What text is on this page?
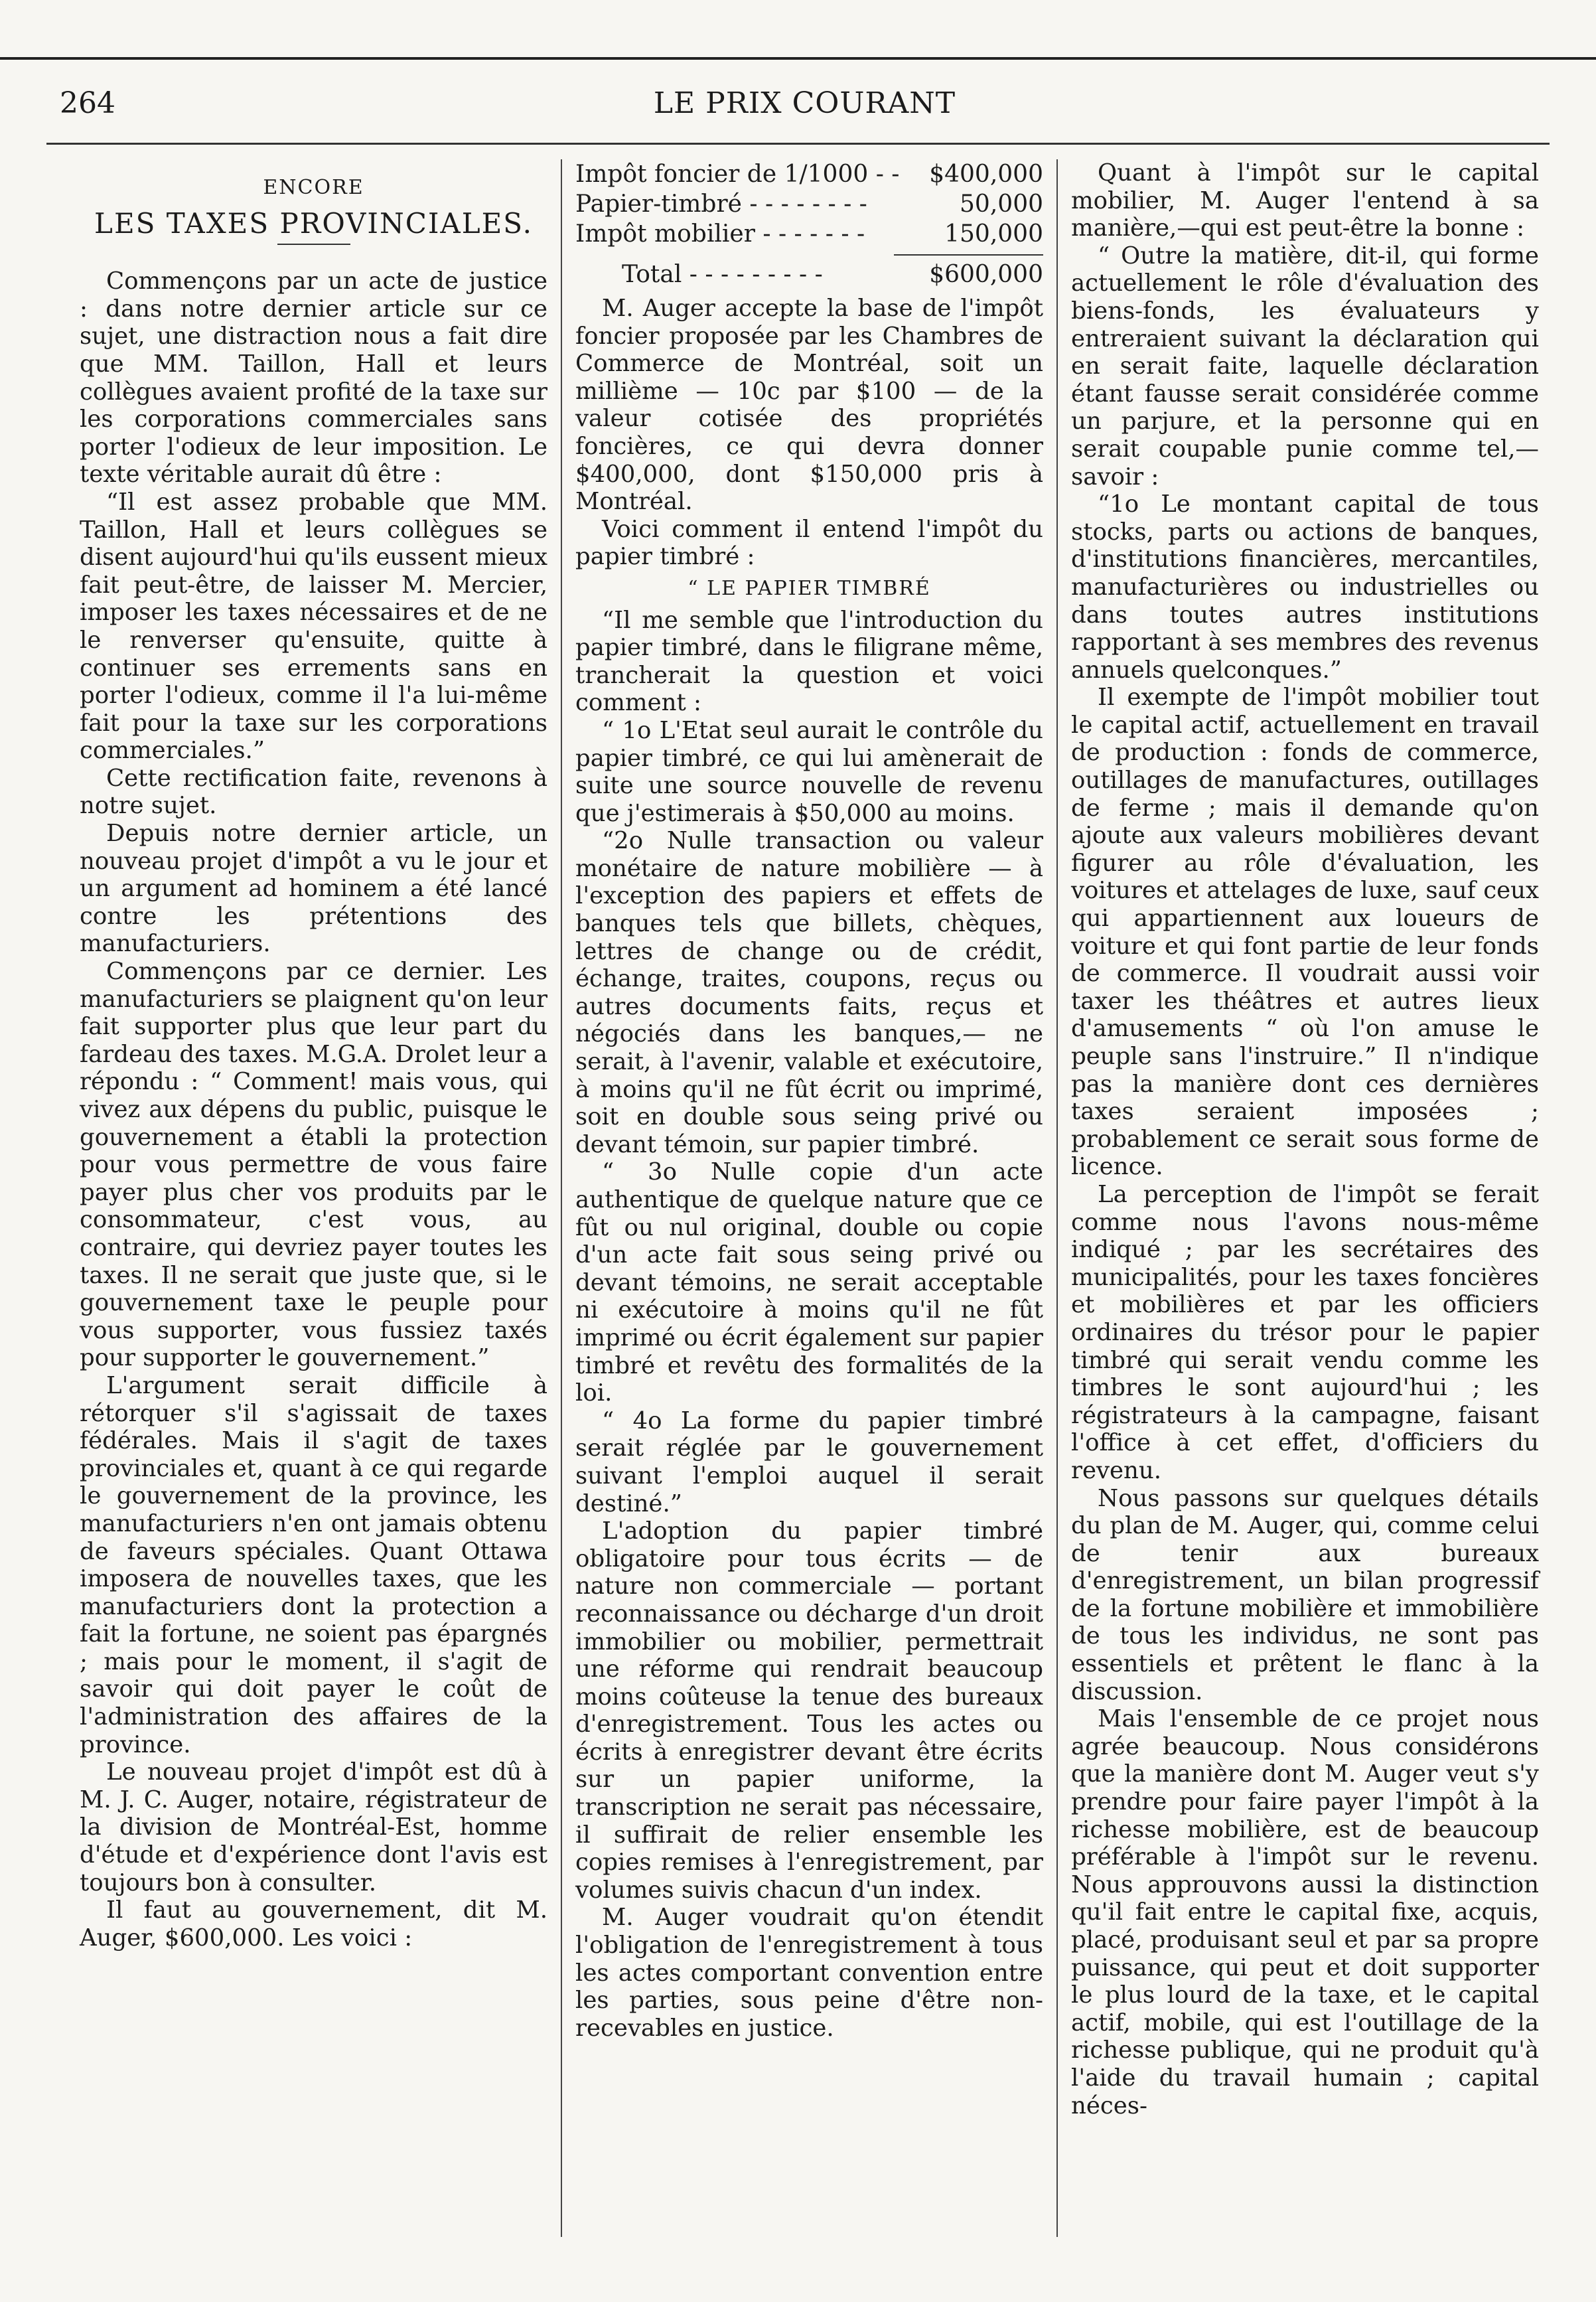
264	LE PRIX COURANT
ENCORE
LES TAXES PROVINCIALES.

Commençons par un acte de justice : dans notre dernier article sur ce sujet, une distraction nous a fait dire que MM. Taillon, Hall et leurs collègues avaient profité de la taxe sur les corporations commerciales sans porter l'odieux de leur imposition. Le texte véritable aurait dû être :

“Il est assez probable que MM. Taillon, Hall et leurs collègues se disent aujourd'hui qu'ils eussent mieux fait peut-être, de laisser M. Mercier, imposer les taxes nécessaires et de ne le renverser qu'ensuite, quitte à continuer ses errements sans en porter l'odieux, comme il l'a lui-même fait pour la taxe sur les corporations commerciales.”

Cette rectification faite, revenons à notre sujet.

Depuis notre dernier article, un nouveau projet d'impôt a vu le jour et un argument ad hominem a été lancé contre les prétentions des manufacturiers.

Commençons par ce dernier. Les manufacturiers se plaignent qu'on leur fait supporter plus que leur part du fardeau des taxes. M.G.A. Drolet leur a répondu : “ Comment! mais vous, qui vivez aux dépens du public, puisque le gouvernement a établi la protection pour vous permettre de vous faire payer plus cher vos produits par le consommateur, c'est vous, au contraire, qui devriez payer toutes les taxes. Il ne serait que juste que, si le gouvernement taxe le peuple pour vous supporter, vous fussiez taxés pour supporter le gouvernement.”

L'argument serait difficile à rétorquer s'il s'agissait de taxes fédérales. Mais il s'agit de taxes provinciales et, quant à ce qui regarde le gouvernement de la province, les manufacturiers n'en ont jamais obtenu de faveurs spéciales. Quant Ottawa imposera de nouvelles taxes, que les manufacturiers dont la protection a fait la fortune, ne soient pas épargnés ; mais pour le moment, il s'agit de savoir qui doit payer le coût de l'administration des affaires de la province.

Le nouveau projet d'impôt est dû à M. J. C. Auger, notaire, régistrateur de la division de Montréal-Est, homme d'étude et d'expérience dont l'avis est toujours bon à consulter.

Il faut au gouvernement, dit M. Auger, $600,000. Les voici :

Impôt foncier de 1/1000 - - $400,000
Papier-timbré - - - - - - - -	50,000
Impôt mobilier - - - - - - -	150,000
Total - - - - - - - - -	$600,000

M. Auger accepte la base de l'impôt foncier proposée par les Chambres de Commerce de Montréal, soit un millième — 10c par $100 — de la valeur cotisée des propriétés foncières, ce qui devra donner $400,000, dont $150,000 pris à Montréal.

Voici comment il entend l'impôt du papier timbré :

“ LE PAPIER TIMBRÉ

“Il me semble que l'introduction du papier timbré, dans le filigrane même, trancherait la question et voici comment :

“ 1o L'Etat seul aurait le contrôle du papier timbré, ce qui lui amènerait de suite une source nouvelle de revenu que j'estimerais à $50,000 au moins.

“2o Nulle transaction ou valeur monétaire de nature mobilière — à l'exception des papiers et effets de banques tels que billets, chèques, lettres de change ou de crédit, échange, traites, coupons, reçus ou autres documents faits, reçus et négociés dans les banques,— ne serait, à l'avenir, valable et exécutoire, à moins qu'il ne fût écrit ou imprimé, soit en double sous seing privé ou devant témoin, sur papier timbré.

“ 3o Nulle copie d'un acte authentique de quelque nature que ce fût ou nul original, double ou copie d'un acte fait sous seing privé ou devant témoins, ne serait acceptable ni exécutoire à moins qu'il ne fût imprimé ou écrit également sur papier timbré et revêtu des formalités de la loi.

“ 4o La forme du papier timbré serait réglée par le gouvernement suivant l'emploi auquel il serait destiné.”

L'adoption du papier timbré obligatoire pour tous écrits — de nature non commerciale — portant reconnaissance ou décharge d'un droit immobilier ou mobilier, permettrait une réforme qui rendrait beaucoup moins coûteuse la tenue des bureaux d'enregistrement. Tous les actes ou écrits à enregistrer devant être écrits sur un papier uniforme, la transcription ne serait pas nécessaire, il suffirait de relier ensemble les copies remises à l'enregistrement, par volumes suivis chacun d'un index.

M. Auger voudrait qu'on étendit l'obligation de l'enregistrement à tous les actes comportant convention entre les parties, sous peine d'être non-recevables en justice.

Quant à l'impôt sur le capital mobilier, M. Auger l'entend à sa manière,—qui est peut-être la bonne :

“ Outre la matière, dit-il, qui forme actuellement le rôle d'évaluation des biens-fonds, les évaluateurs y entreraient suivant la déclaration qui en serait faite, laquelle déclaration étant fausse serait considérée comme un parjure, et la personne qui en serait coupable punie comme tel,—savoir :

“1o Le montant capital de tous stocks, parts ou actions de banques, d'institutions financières, mercantiles, manufacturières ou industrielles ou dans toutes autres institutions rapportant à ses membres des revenus annuels quelconques.”

Il exempte de l'impôt mobilier tout le capital actif, actuellement en travail de production : fonds de commerce, outillages de manufactures, outillages de ferme ; mais il demande qu'on ajoute aux valeurs mobilières devant figurer au rôle d'évaluation, les voitures et attelages de luxe, sauf ceux qui appartiennent aux loueurs de voiture et qui font partie de leur fonds de commerce. Il voudrait aussi voir taxer les théâtres et autres lieux d'amusements “ où l'on amuse le peuple sans l'instruire.” Il n'indique pas la manière dont ces dernières taxes seraient imposées ; probablement ce serait sous forme de licence.

La perception de l'impôt se ferait comme nous l'avons nous-même indiqué ; par les secrétaires des municipalités, pour les taxes foncières et mobilières et par les officiers ordinaires du trésor pour le papier timbré qui serait vendu comme les timbres le sont aujourd'hui ; les régistrateurs à la campagne, faisant l'office à cet effet, d'officiers du revenu.

Nous passons sur quelques détails du plan de M. Auger, qui, comme celui de tenir aux bureaux d'enregistrement, un bilan progressif de la fortune mobilière et immobilière de tous les individus, ne sont pas essentiels et prêtent le flanc à la discussion.

Mais l'ensemble de ce projet nous agrée beaucoup. Nous considérons que la manière dont M. Auger veut s'y prendre pour faire payer l'impôt à la richesse mobilière, est de beaucoup préférable à l'impôt sur le revenu. Nous approuvons aussi la distinction qu'il fait entre le capital fixe, acquis, placé, produisant seul et par sa propre puissance, qui peut et doit supporter le plus lourd de la taxe, et le capital actif, mobile, qui est l'outillage de la richesse publique, qui ne produit qu'à l'aide du travail humain ; capital néces-
